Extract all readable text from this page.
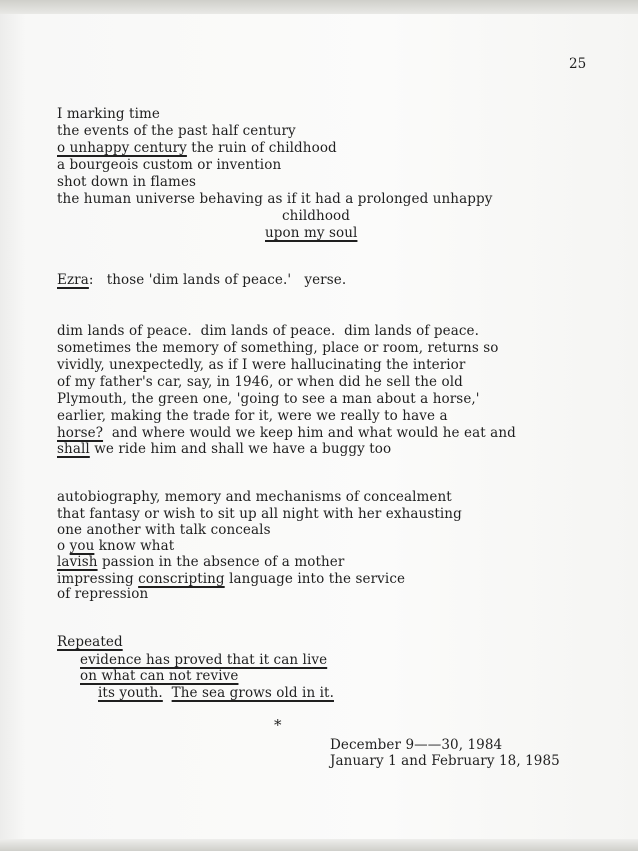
25
I marking time
the events of the past half century
o unhappy century the ruin of childhood
a bourgeois custom or invention
shot down in flames
the human universe behaving as if it had a prolonged unhappy
childhood
upon my soul
Ezra:   those 'dim lands of peace.'   yerse.
dim lands of peace.  dim lands of peace.  dim lands of peace.
sometimes the memory of something, place or room, returns so
vividly, unexpectedly, as if I were hallucinating the interior
of my father's car, say, in 1946, or when did he sell the old
Plymouth, the green one, 'going to see a man about a horse,'
earlier, making the trade for it, were we really to have a
horse?  and where would we keep him and what would he eat and
shall we ride him and shall we have a buggy too
autobiography, memory and mechanisms of concealment
that fantasy or wish to sit up all night with her exhausting
one another with talk conceals
o you know what
lavish passion in the absence of a mother
impressing conscripting language into the service
of repression
Repeated
evidence has proved that it can live
on what can not revive
its youth. The sea grows old in it.
*
December 9——30, 1984
January 1 and February 18, 1985
